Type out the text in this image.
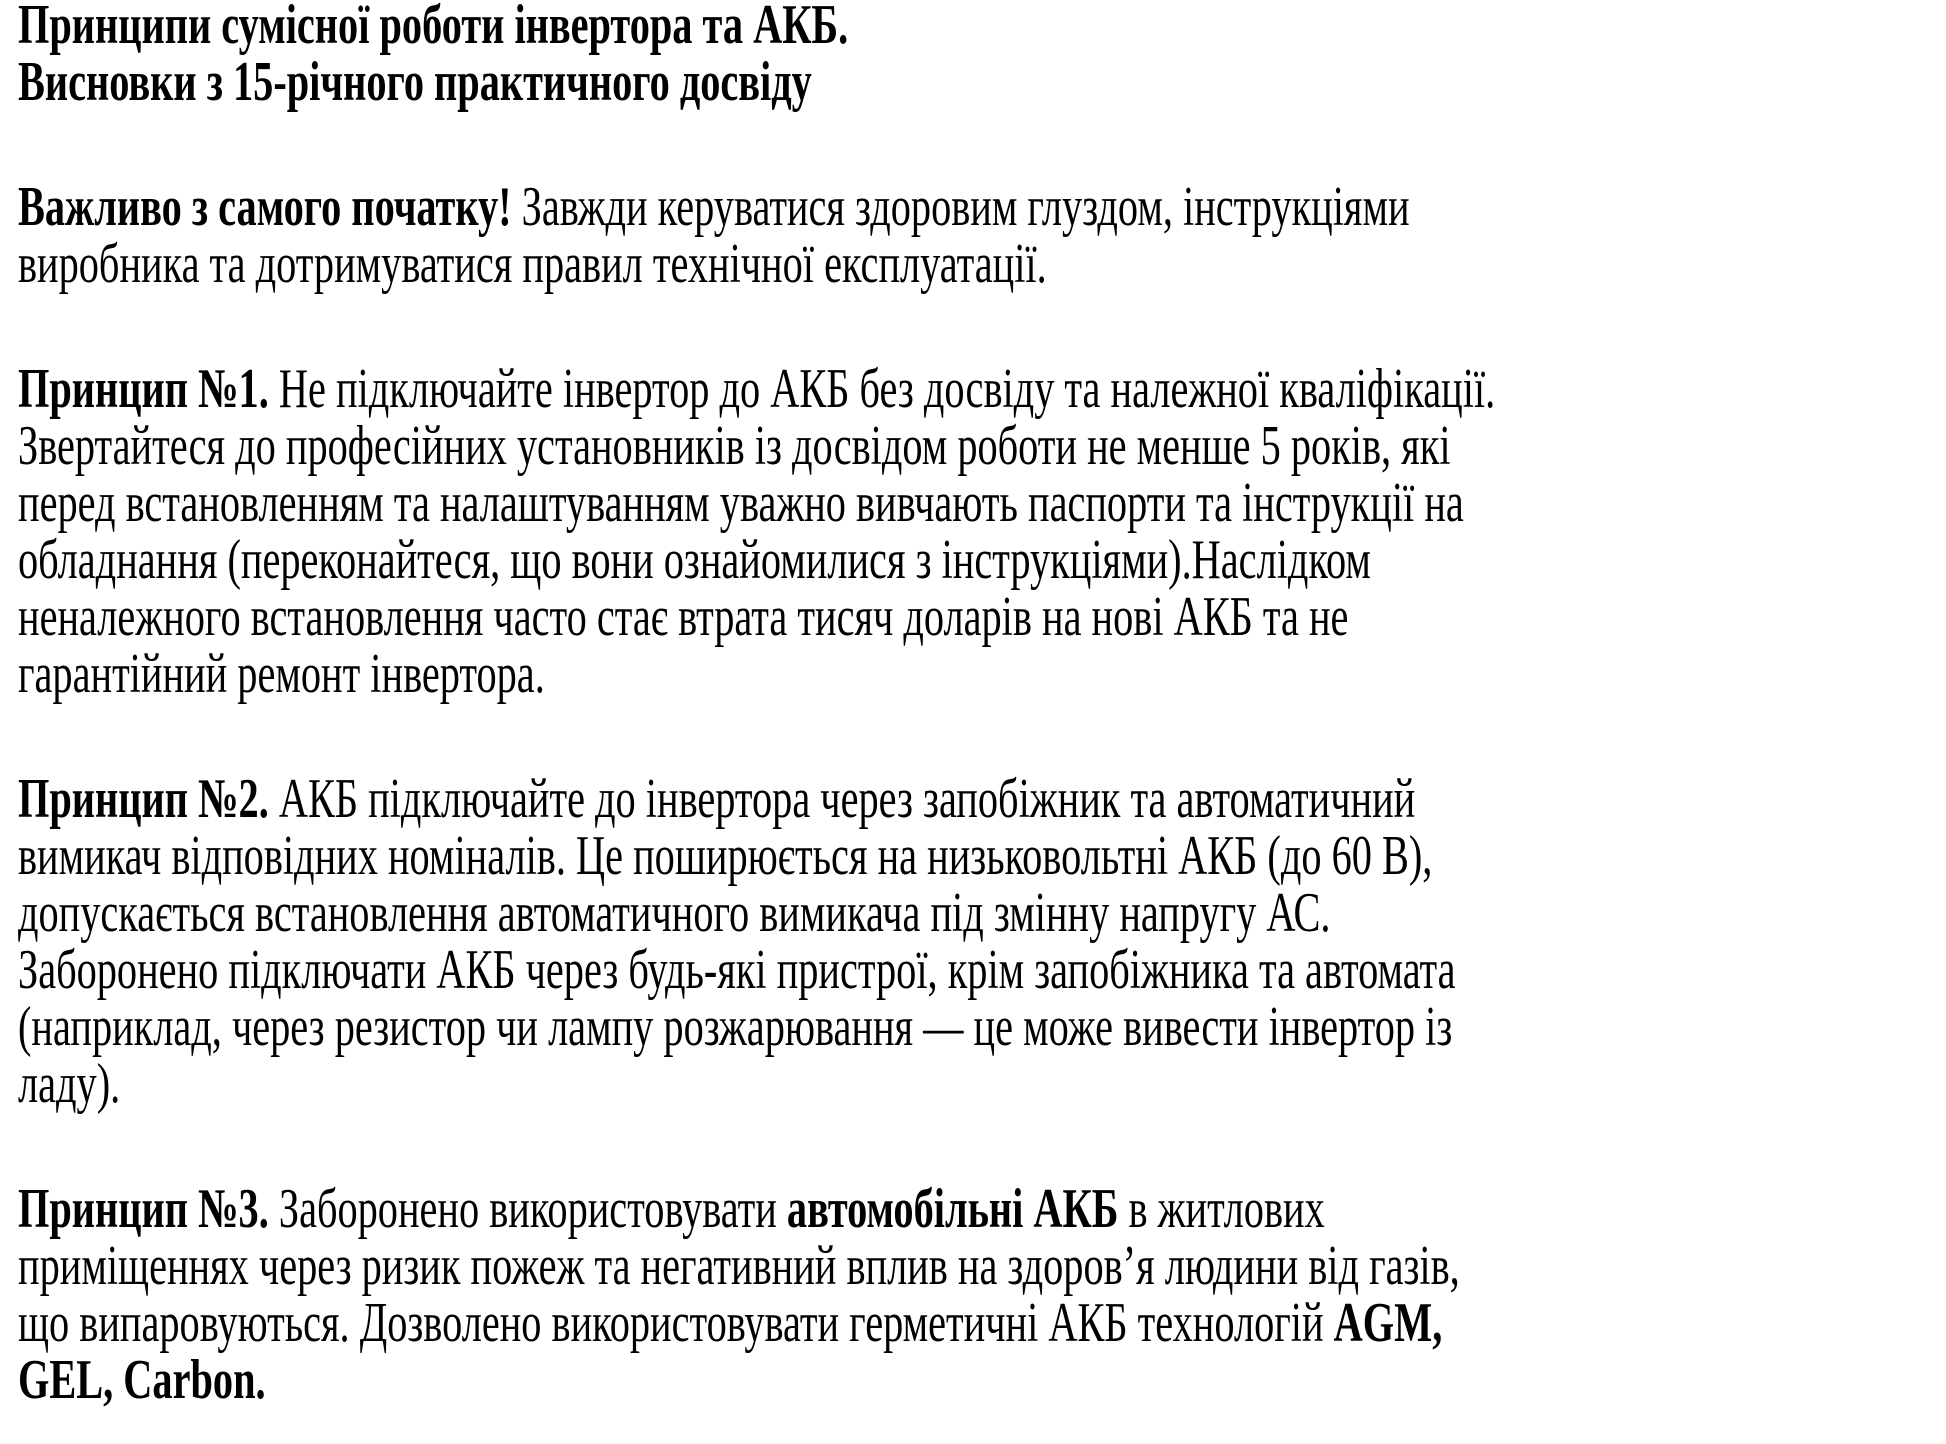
Принципи сумісної роботи інвертора та АКБ.
Висновки з 15-річного практичного досвіду

Важливо з самого початку! Завжди керуватися здоровим глуздом, інструкціями
виробника та дотримуватися правил технічної експлуатації.

Принцип №1. Не підключайте інвертор до АКБ без досвіду та належної кваліфікації.
Звертайтеся до професійних установників із досвідом роботи не менше 5 років, які
перед встановленням та налаштуванням уважно вивчають паспорти та інструкції на
обладнання (переконайтеся, що вони ознайомилися з інструкціями).Наслідком
неналежного встановлення часто стає втрата тисяч доларів на нові АКБ та не
гарантійний ремонт інвертора.

Принцип №2. АКБ підключайте до інвертора через запобіжник та автоматичний
вимикач відповідних номіналів. Це поширюється на низьковольтні АКБ (до 60 В),
допускається встановлення автоматичного вимикача під змінну напругу АС.
Заборонено підключати АКБ через будь-які пристрої, крім запобіжника та автомата
(наприклад, через резистор чи лампу розжарювання — це може вивести інвертор із
ладу).

Принцип №3. Заборонено використовувати автомобільні АКБ в житлових
приміщеннях через ризик пожеж та негативний вплив на здоров’я людини від газів,
що випаровуються. Дозволено використовувати герметичні АКБ технологій AGM,
GEL, Carbon.
